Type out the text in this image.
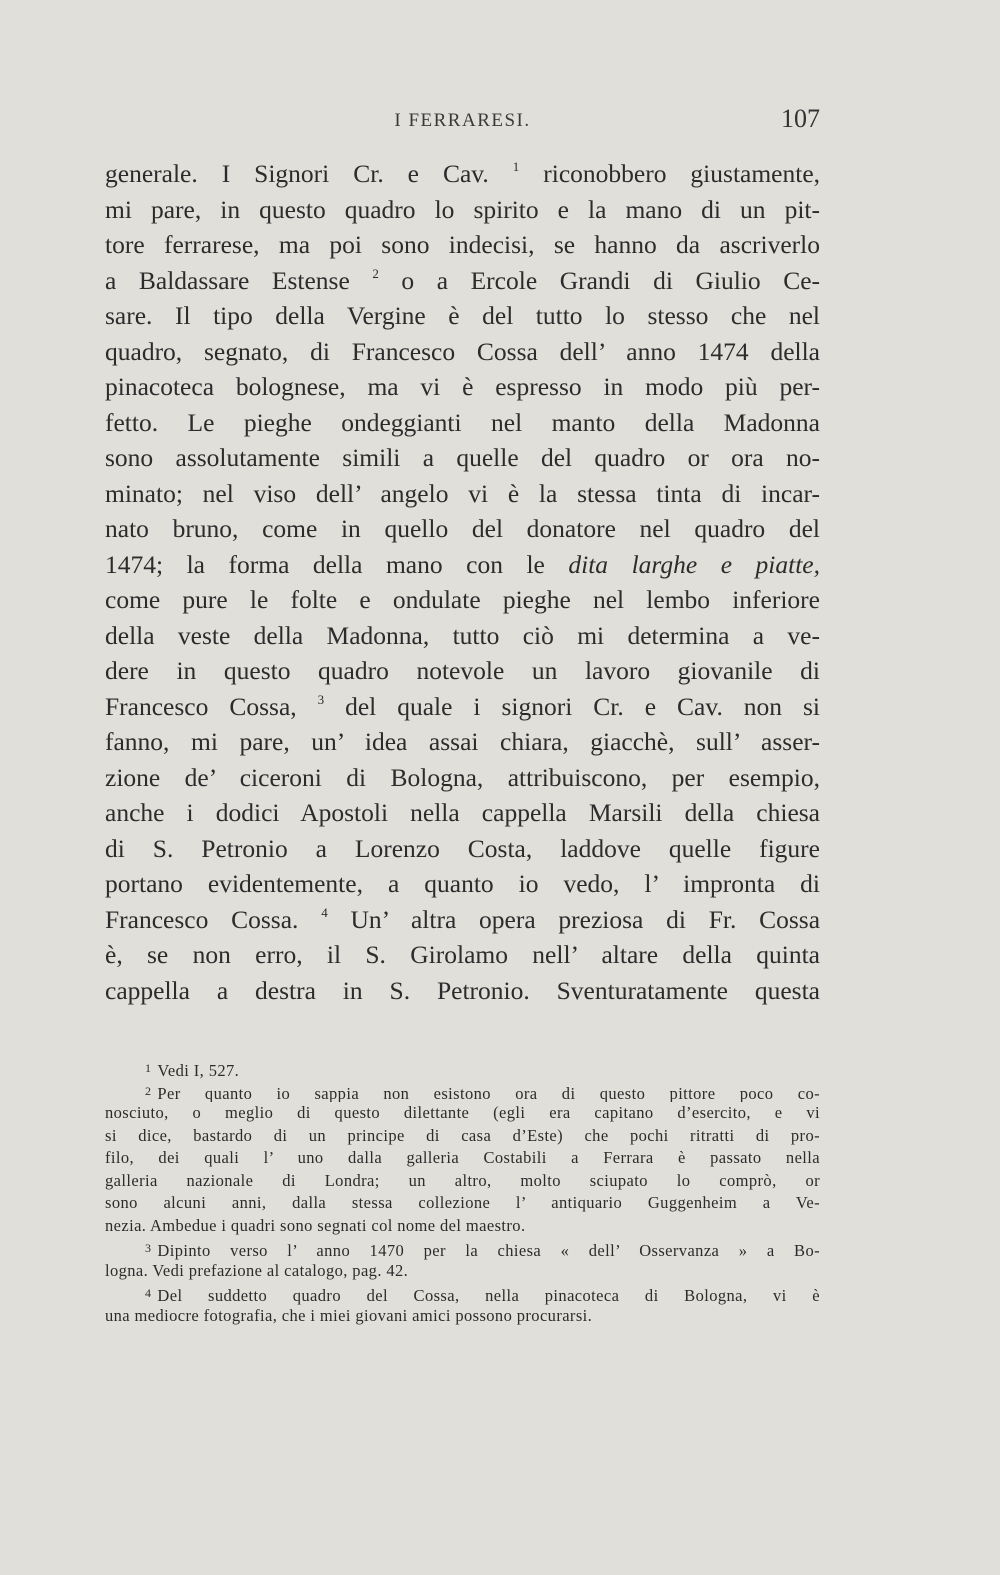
I FERRARESI.	107
generale. I Signori Cr. e Cav. $^1$ riconobbero giustamente,
mi pare, in questo quadro lo spirito e la mano di un pit-
tore ferrarese, ma poi sono indecisi, se hanno da ascriverlo
a Baldassare Estense $^2$ o a Ercole Grandi di Giulio Ce-
sare. Il tipo della Vergine è del tutto lo stesso che nel
quadro, segnato, di Francesco Cossa dell’ anno 1474 della
pinacoteca bolognese, ma vi è espresso in modo più per-
fetto. Le pieghe ondeggianti nel manto della Madonna
sono assolutamente simili a quelle del quadro or ora no-
minato; nel viso dell’ angelo vi è la stessa tinta di incar-
nato bruno, come in quello del donatore nel quadro del
1474; la forma della mano con le dita larghe e piatte,
come pure le folte e ondulate pieghe nel lembo inferiore
della veste della Madonna, tutto ciò mi determina a ve-
dere in questo quadro notevole un lavoro giovanile di
Francesco Cossa, $^3$ del quale i signori Cr. e Cav. non si
fanno, mi pare, un’ idea assai chiara, giacchè, sull’ asser-
zione de’ ciceroni di Bologna, attribuiscono, per esempio,
anche i dodici Apostoli nella cappella Marsili della chiesa
di S. Petronio a Lorenzo Costa, laddove quelle figure
portano evidentemente, a quanto io vedo, l’ impronta di
Francesco Cossa. $^4$ Un’ altra opera preziosa di Fr. Cossa
è, se non erro, il S. Girolamo nell’ altare della quinta
cappella a destra in S. Petronio. Sventuratamente questa
$^1$ Vedi I, 527.
$^2$ Per quanto io sappia non esistono ora di questo pittore poco co-
nosciuto, o meglio di questo dilettante (egli era capitano d’esercito, e vi
si dice, bastardo di un principe di casa d’Este) che pochi ritratti di pro-
filo, dei quali l’ uno dalla galleria Costabili a Ferrara è passato nella
galleria nazionale di Londra; un altro, molto sciupato lo comprò, or
sono alcuni anni, dalla stessa collezione l’ antiquario Guggenheim a Ve-
nezia. Ambedue i quadri sono segnati col nome del maestro.
$^3$ Dipinto verso l’ anno 1470 per la chiesa « dell’ Osservanza » a Bo-
logna. Vedi prefazione al catalogo, pag. 42.
$^4$ Del suddetto quadro del Cossa, nella pinacoteca di Bologna, vi è
una mediocre fotografia, che i miei giovani amici possono procurarsi.
